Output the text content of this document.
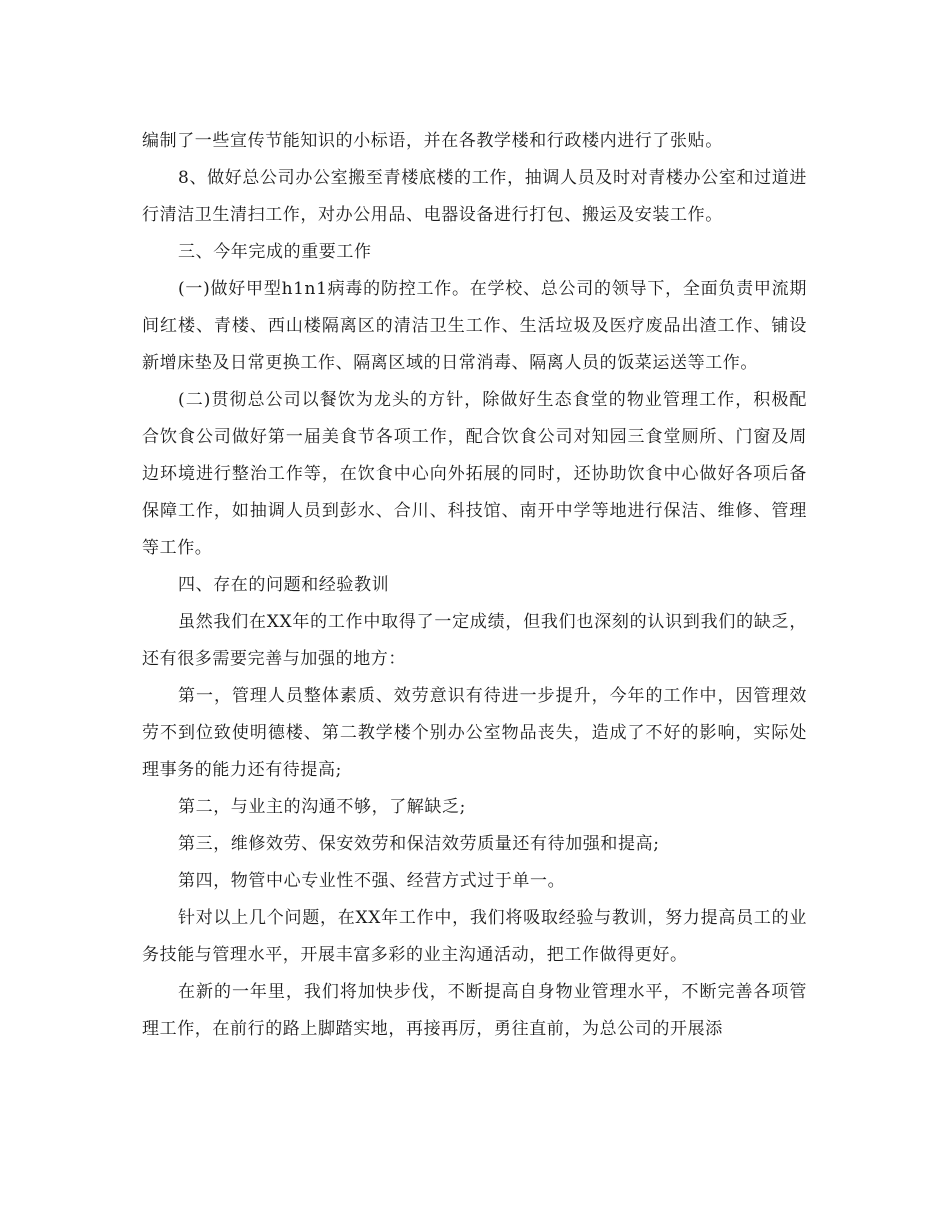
编制了一些宣传节能知识的小标语，并在各教学楼和行政楼内进行了张贴。

8、做好总公司办公室搬至青楼底楼的工作，抽调人员及时对青楼办公室和过道进行清洁卫生清扫工作，对办公用品、电器设备进行打包、搬运及安装工作。

三、今年完成的重要工作

(一)做好甲型h1n1病毒的防控工作。在学校、总公司的领导下，全面负责甲流期间红楼、青楼、西山楼隔离区的清洁卫生工作、生活垃圾及医疗废品出渣工作、铺设新增床垫及日常更换工作、隔离区域的日常消毒、隔离人员的饭菜运送等工作。

(二)贯彻总公司以餐饮为龙头的方针，除做好生态食堂的物业管理工作，积极配合饮食公司做好第一届美食节各项工作，配合饮食公司对知园三食堂厕所、门窗及周边环境进行整治工作等，在饮食中心向外拓展的同时，还协助饮食中心做好各项后备保障工作，如抽调人员到彭水、合川、科技馆、南开中学等地进行保洁、维修、管理等工作。

四、存在的问题和经验教训

虽然我们在XX年的工作中取得了一定成绩，但我们也深刻的认识到我们的缺乏，还有很多需要完善与加强的地方：

第一，管理人员整体素质、效劳意识有待进一步提升，今年的工作中，因管理效劳不到位致使明德楼、第二教学楼个别办公室物品丧失，造成了不好的影响，实际处理事务的能力还有待提高;

第二，与业主的沟通不够，了解缺乏;

第三，维修效劳、保安效劳和保洁效劳质量还有待加强和提高;

第四，物管中心专业性不强、经营方式过于单一。

针对以上几个问题，在XX年工作中，我们将吸取经验与教训，努力提高员工的业务技能与管理水平，开展丰富多彩的业主沟通活动，把工作做得更好。

在新的一年里，我们将加快步伐，不断提高自身物业管理水平，不断完善各项管理工作，在前行的路上脚踏实地，再接再厉，勇往直前，为总公司的开展添
